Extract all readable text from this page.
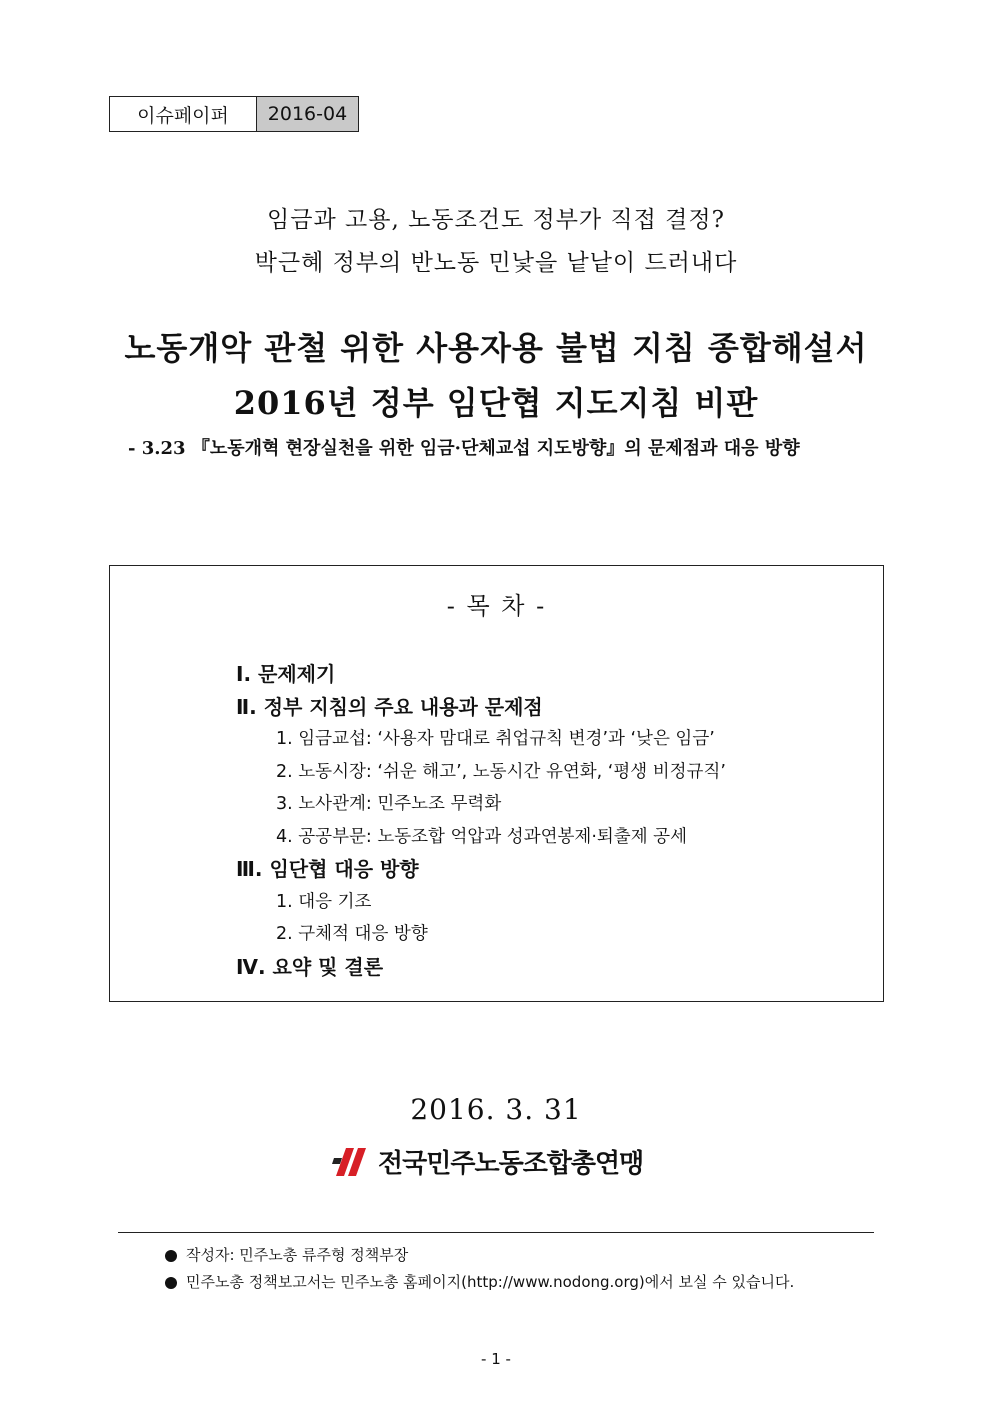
이슈페이퍼	2016-04
임금과 고용, 노동조건도 정부가 직접 결정?
박근혜 정부의 반노동 민낯을 낱낱이 드러내다
노동개악 관철 위한 사용자용 불법 지침 종합해설서
2016년 정부 임단협 지도지침 비판
- 3.23 『노동개혁 현장실천을 위한 임금·단체교섭 지도방향』의 문제점과 대응 방향
- 목 차 -
Ⅰ. 문제제기
Ⅱ. 정부 지침의 주요 내용과 문제점
1. 임금교섭: ‘사용자 맘대로 취업규칙 변경’과 ‘낮은 임금’
2. 노동시장: ‘쉬운 해고’, 노동시간 유연화, ‘평생 비정규직’
3. 노사관계: 민주노조 무력화
4. 공공부문: 노동조합 억압과 성과연봉제·퇴출제 공세
Ⅲ. 임단협 대응 방향
1. 대응 기조
2. 구체적 대응 방향
Ⅳ. 요약 및 결론
2016. 3. 31
전국민주노동조합총연맹
작성자: 민주노총 류주형 정책부장
민주노총 정책보고서는 민주노총 홈페이지(http://www.nodong.org)에서 보실 수 있습니다.
- 1 -
